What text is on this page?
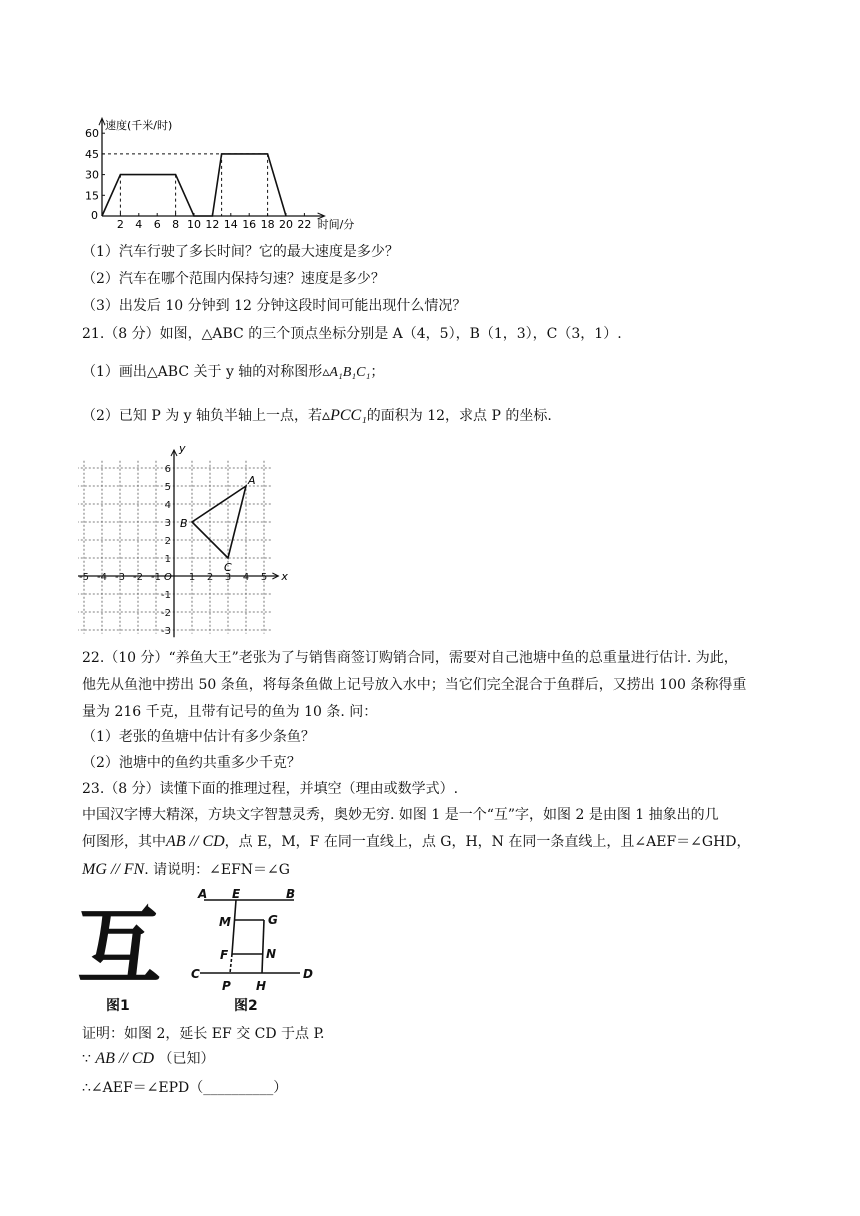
60
45
30
15
0
2 4 6 8 10 12 14 16 18 20 22
速度(千米/时)
时间/分
（1）汽车行驶了多长时间？它的最大速度是多少？
（2）汽车在哪个范围内保持匀速？速度是多少？
（3）出发后 10 分钟到 12 分钟这段时间可能出现什么情况？
21.（8 分）如图，△ABC 的三个顶点坐标分别是 A（4，5），B（1，3），C（3，1）.
（1）画出△ABC 关于 y 轴的对称图形▵A₁B₁C₁；
（2）已知 P 为 y 轴负半轴上一点，若▵PCC₁的面积为 12，求点 P 的坐标.
x
y
O
-5 -4 -3 -2 -1	1 2 3 4 5
6
5
4
3
2
1
-1
-2
-3
A
B
C
22.（10 分）“养鱼大王”老张为了与销售商签订购销合同，需要对自己池塘中鱼的总重量进行估计. 为此，
他先从鱼池中捞出 50 条鱼，将每条鱼做上记号放入水中；当它们完全混合于鱼群后，又捞出 100 条称得重
量为 216 千克，且带有记号的鱼为 10 条. 问：
（1）老张的鱼塘中估计有多少条鱼？
（2）池塘中的鱼约共重多少千克？
23.（8 分）读懂下面的推理过程，并填空（理由或数学式）.
中国汉字博大精深，方块文字智慧灵秀，奥妙无穷. 如图 1 是一个“互”字，如图 2 是由图 1 抽象出的几
何图形，其中AB // CD，点 E，M，F 在同一直线上，点 G，H，N 在同一条直线上，且∠AEF＝∠GHD，
MG // FN. 请说明：∠EFN＝∠G
互
图1
A E	B
M	G
F	N
C	D
P H
图2
证明：如图 2，延长 EF 交 CD 于点 P.
∵ AB // CD （已知）
∴∠AEF＝∠EPD（__________）
